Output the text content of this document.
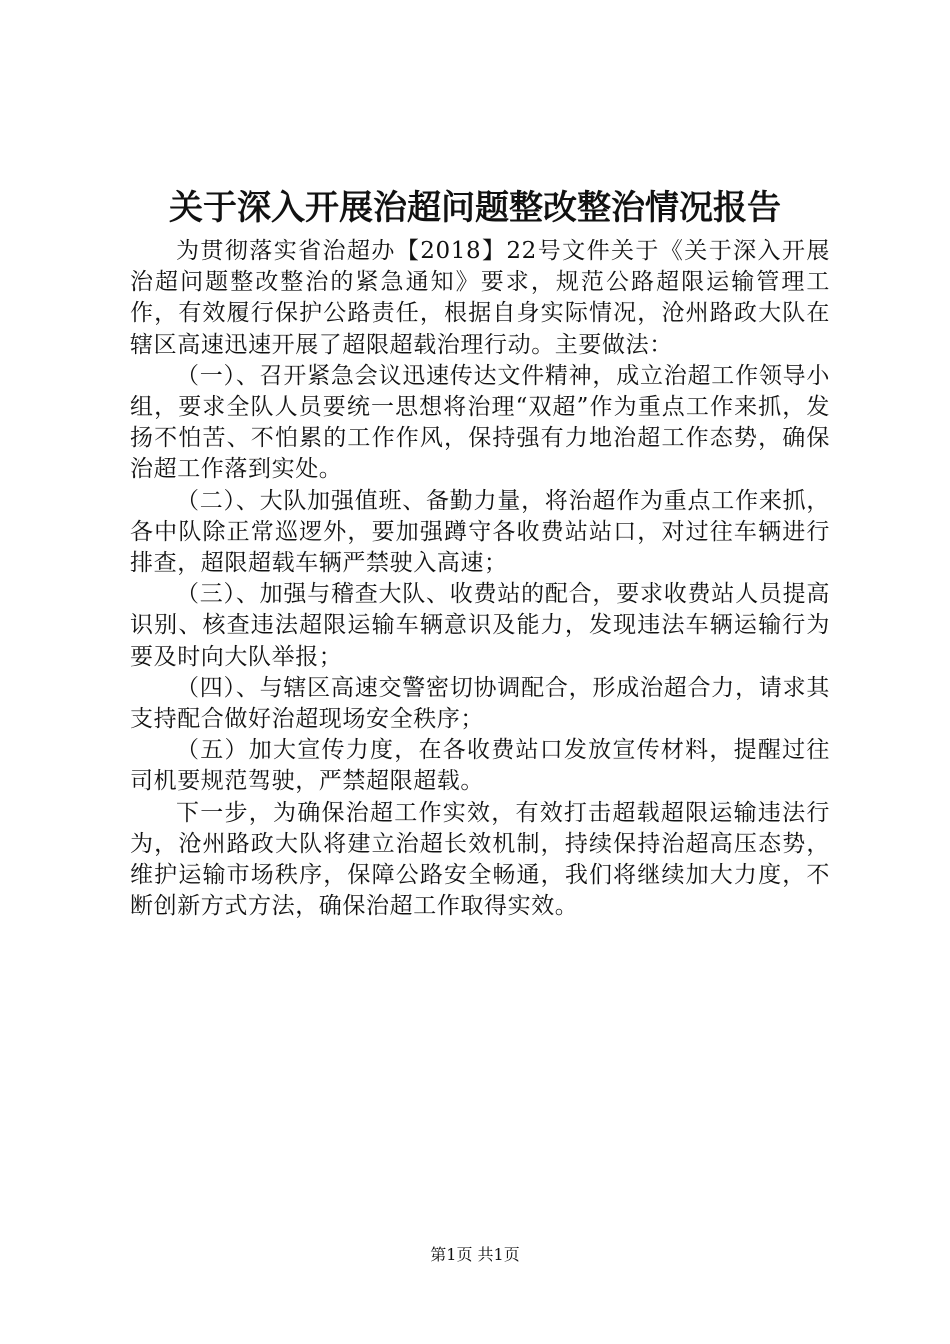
关于深入开展治超问题整改整治情况报告

为贯彻落实省治超办【2018】22号文件关于《关于深入开展治超问题整改整治的紧急通知》要求，规范公路超限运输管理工作，有效履行保护公路责任，根据自身实际情况，沧州路政大队在辖区高速迅速开展了超限超载治理行动。主要做法：

（一）、召开紧急会议迅速传达文件精神，成立治超工作领导小组，要求全队人员要统一思想将治理“双超”作为重点工作来抓，发扬不怕苦、不怕累的工作作风，保持强有力地治超工作态势，确保治超工作落到实处。

（二）、大队加强值班、备勤力量，将治超作为重点工作来抓，各中队除正常巡逻外，要加强蹲守各收费站站口，对过往车辆进行排查，超限超载车辆严禁驶入高速；

（三）、加强与稽查大队、收费站的配合，要求收费站人员提高识别、核查违法超限运输车辆意识及能力，发现违法车辆运输行为要及时向大队举报；

（四）、与辖区高速交警密切协调配合，形成治超合力，请求其支持配合做好治超现场安全秩序；

（五）加大宣传力度，在各收费站口发放宣传材料，提醒过往司机要规范驾驶，严禁超限超载。

下一步，为确保治超工作实效，有效打击超载超限运输违法行为，沧州路政大队将建立治超长效机制，持续保持治超高压态势，维护运输市场秩序，保障公路安全畅通，我们将继续加大力度，不断创新方式方法，确保治超工作取得实效。

第1页 共1页
